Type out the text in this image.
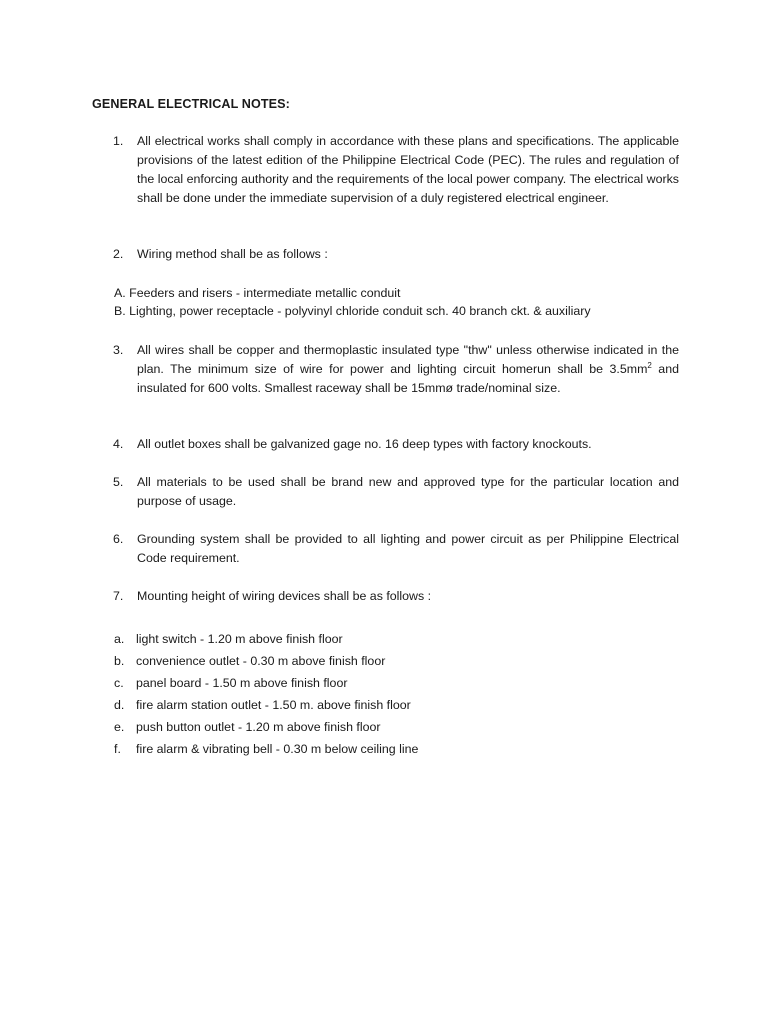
GENERAL ELECTRICAL NOTES:
1. All electrical works shall comply in accordance with these plans and specifications. The applicable provisions of the latest edition of the Philippine Electrical Code (PEC). The rules and regulation of the local enforcing authority and the requirements of the local power company. The electrical works shall be done under the immediate supervision of a duly registered electrical engineer.
2. Wiring method shall be as follows :
A. Feeders and risers - intermediate metallic conduit
B. Lighting, power receptacle - polyvinyl chloride conduit sch. 40 branch ckt. & auxiliary
3. All wires shall be copper and thermoplastic insulated type "thw" unless otherwise indicated in the plan. The minimum size of wire for power and lighting circuit homerun shall be $3.5mm^2$ and insulated for 600 volts. Smallest raceway shall be 15mmø trade/nominal size.
4. All outlet boxes shall be galvanized gage no. 16 deep types with factory knockouts.
5. All materials to be used shall be brand new and approved type for the particular location and purpose of usage.
6. Grounding system shall be provided to all lighting and power circuit as per Philippine Electrical Code requirement.
7. Mounting height of wiring devices shall be as follows :
a. light switch - 1.20 m above finish floor
b. convenience outlet - 0.30 m above finish floor
c. panel board - 1.50 m above finish floor
d. fire alarm station outlet - 1.50 m. above finish floor
e. push button outlet - 1.20 m above finish floor
f. fire alarm & vibrating bell - 0.30 m below ceiling line
